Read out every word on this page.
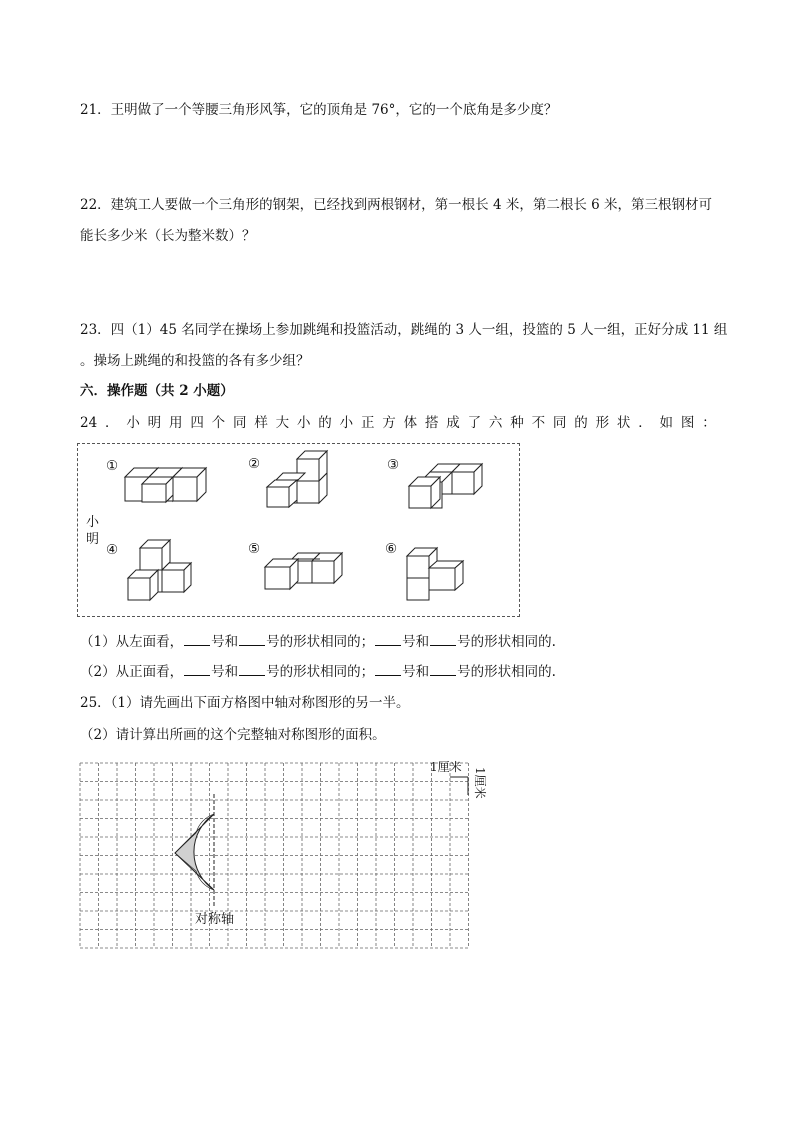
21．王明做了一个等腰三角形风筝，它的顶角是 76°，它的一个底角是多少度？
22．建筑工人要做一个三角形的钢架，已经找到两根钢材，第一根长 4 米，第二根长 6 米，第三根钢材可
能长多少米（长为整米数）？
23．四（1）45 名同学在操场上参加跳绳和投篮活动，跳绳的 3 人一组，投篮的 5 人一组，正好分成 11 组
。操场上跳绳的和投篮的各有多少组？
六．操作题（共 2 小题）
24 ． 小 明 用 四 个 同 样 大 小 的 小 正 方 体 搭 成 了 六 种 不 同 的 形 状 ． 如 图 ：
①	②	③
④	⑤	⑥
小明
（1）从左面看， 号和 号的形状相同的； 号和 号的形状相同的.
（2）从正面看， 号和 号的形状相同的； 号和 号的形状相同的.
25．（1）请先画出下面方格图中轴对称图形的另一半。
（2）请计算出所画的这个完整轴对称图形的面积。
对称轴
1厘米 1厘米
